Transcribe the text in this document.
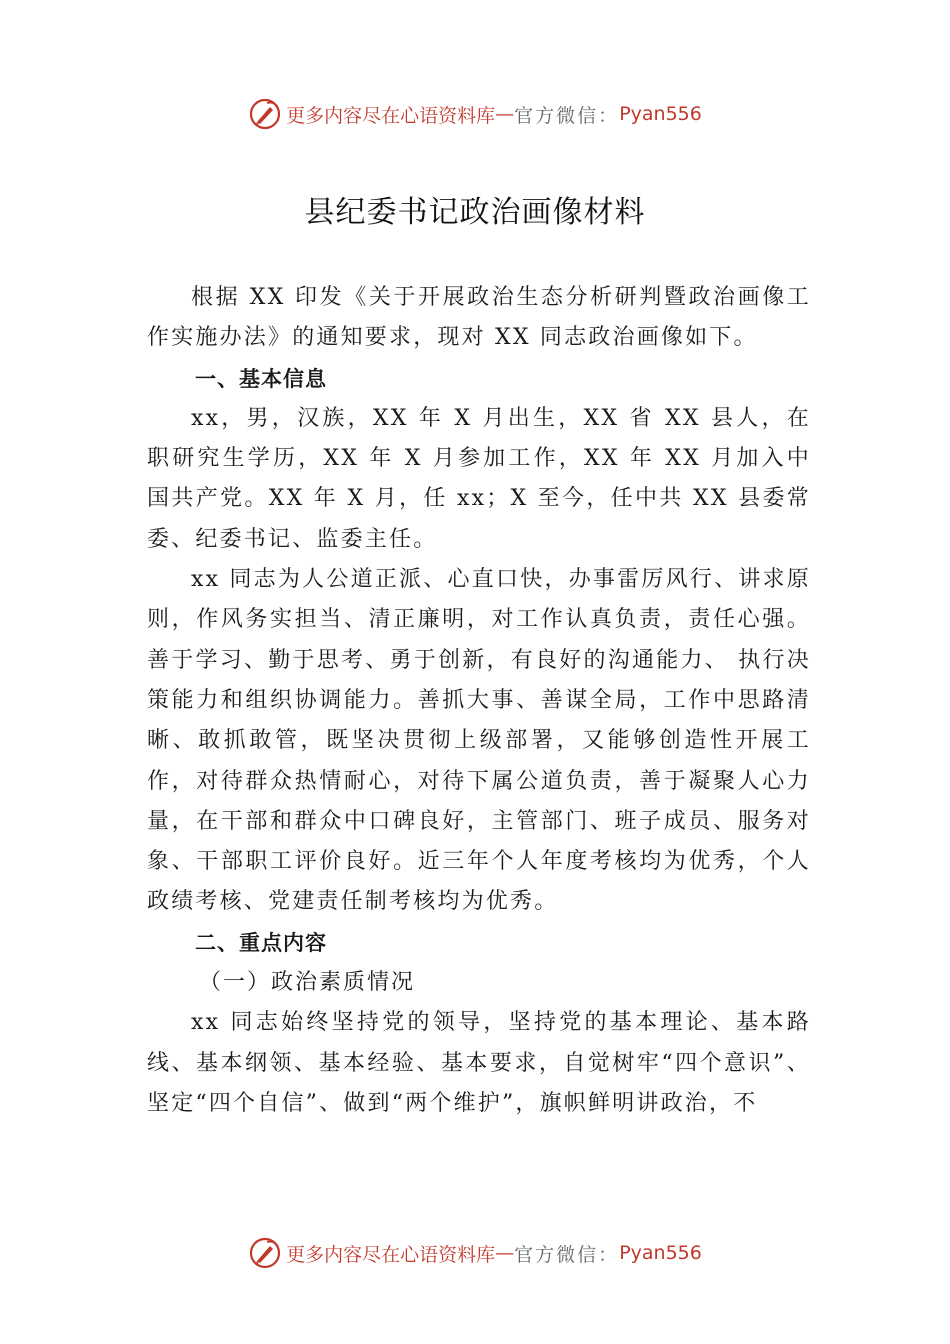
更多内容尽在心语资料库 — 官方微信： Pyan556
县纪委书记政治画像材料

根据 XX 印发《关于开展政治生态分析研判暨政治画像工作实施办法》的通知要求，现对 XX 同志政治画像如下。

一、基本信息

xx，男，汉族，XX 年 X 月出生，XX 省 XX 县人，在职研究生学历，XX 年 X 月参加工作，XX 年 XX 月加入中国共产党。XX 年 X 月，任 xx；X 至今，任中共 XX 县委常委、纪委书记、监委主任。

xx 同志为人公道正派、心直口快，办事雷厉风行、讲求原则，作风务实担当、清正廉明，对工作认真负责，责任心强。善于学习、勤于思考、勇于创新，有良好的沟通能力、 执行决策能力和组织协调能力。善抓大事、善谋全局，工作中思路清晰、敢抓敢管，既坚决贯彻上级部署，又能够创造性开展工作，对待群众热情耐心，对待下属公道负责，善于凝聚人心力量，在干部和群众中口碑良好，主管部门、班子成员、服务对象、干部职工评价良好。近三年个人年度考核均为优秀，个人政绩考核、党建责任制考核均为优秀。

二、重点内容
（一）政治素质情况

xx 同志始终坚持党的领导，坚持党的基本理论、基本路线、基本纲领、基本经验、基本要求，自觉树牢“四个意识”、坚定“四个自信”、做到“两个维护”，旗帜鲜明讲政治，不

更多内容尽在心语资料库 — 官方微信： Pyan556
